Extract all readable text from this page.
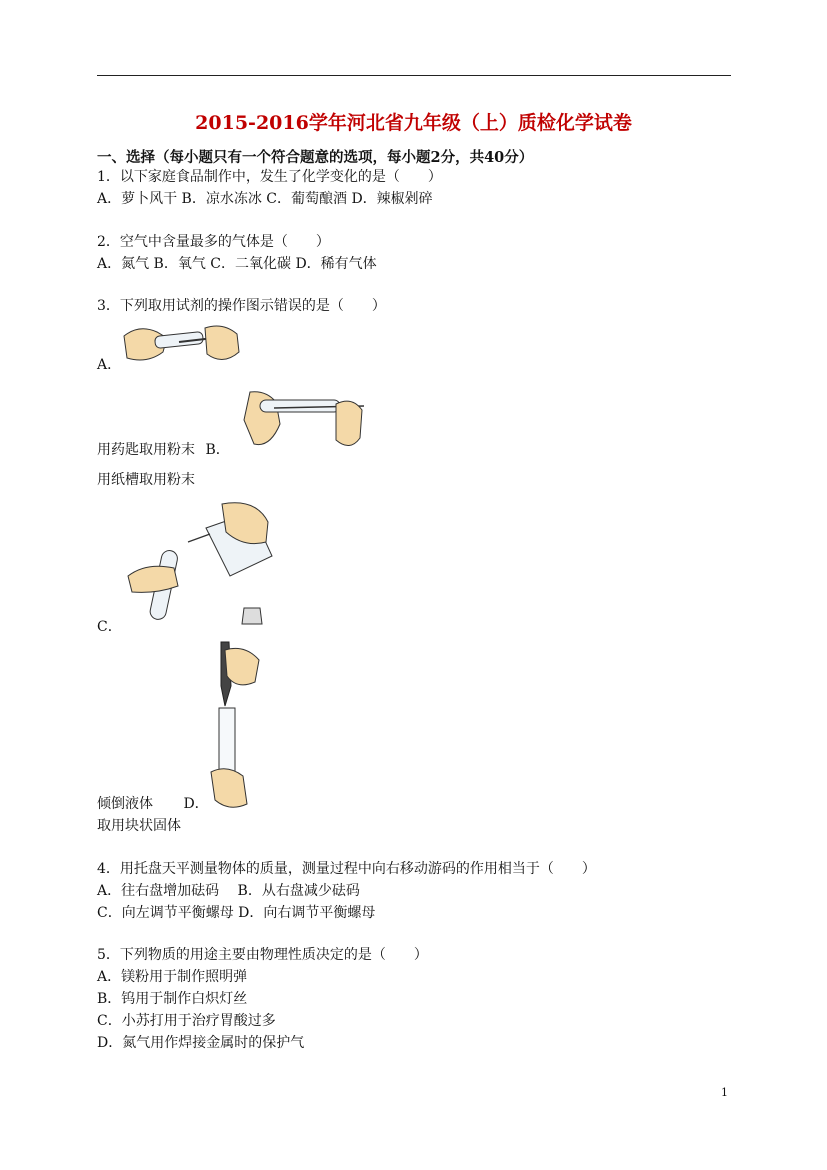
2015-2016学年河北省九年级（上）质检化学试卷
一、选择（每小题只有一个符合题意的选项，每小题2分，共40分）
1．以下家庭食品制作中，发生了化学变化的是（　　）
A．萝卜风干 B．凉水冻冰 C．葡萄酿酒 D．辣椒剁碎
2．空气中含量最多的气体是（　　）
A．氮气 B．氧气 C．二氧化碳 D．稀有气体
3．下列取用试剂的操作图示错误的是（　　）
A．
用药匙取用粉末 B．
用纸槽取用粉末
C．
倾倒液体 D．
取用块状固体
4．用托盘天平测量物体的质量，测量过程中向右移动游码的作用相当于（　　）
A．往右盘增加砝码　 B．从右盘减少砝码
C．向左调节平衡螺母 D．向右调节平衡螺母
5．下列物质的用途主要由物理性质决定的是（　　）
A．镁粉用于制作照明弹
B．钨用于制作白炽灯丝
C．小苏打用于治疗胃酸过多
D．氮气用作焊接金属时的保护气
1
